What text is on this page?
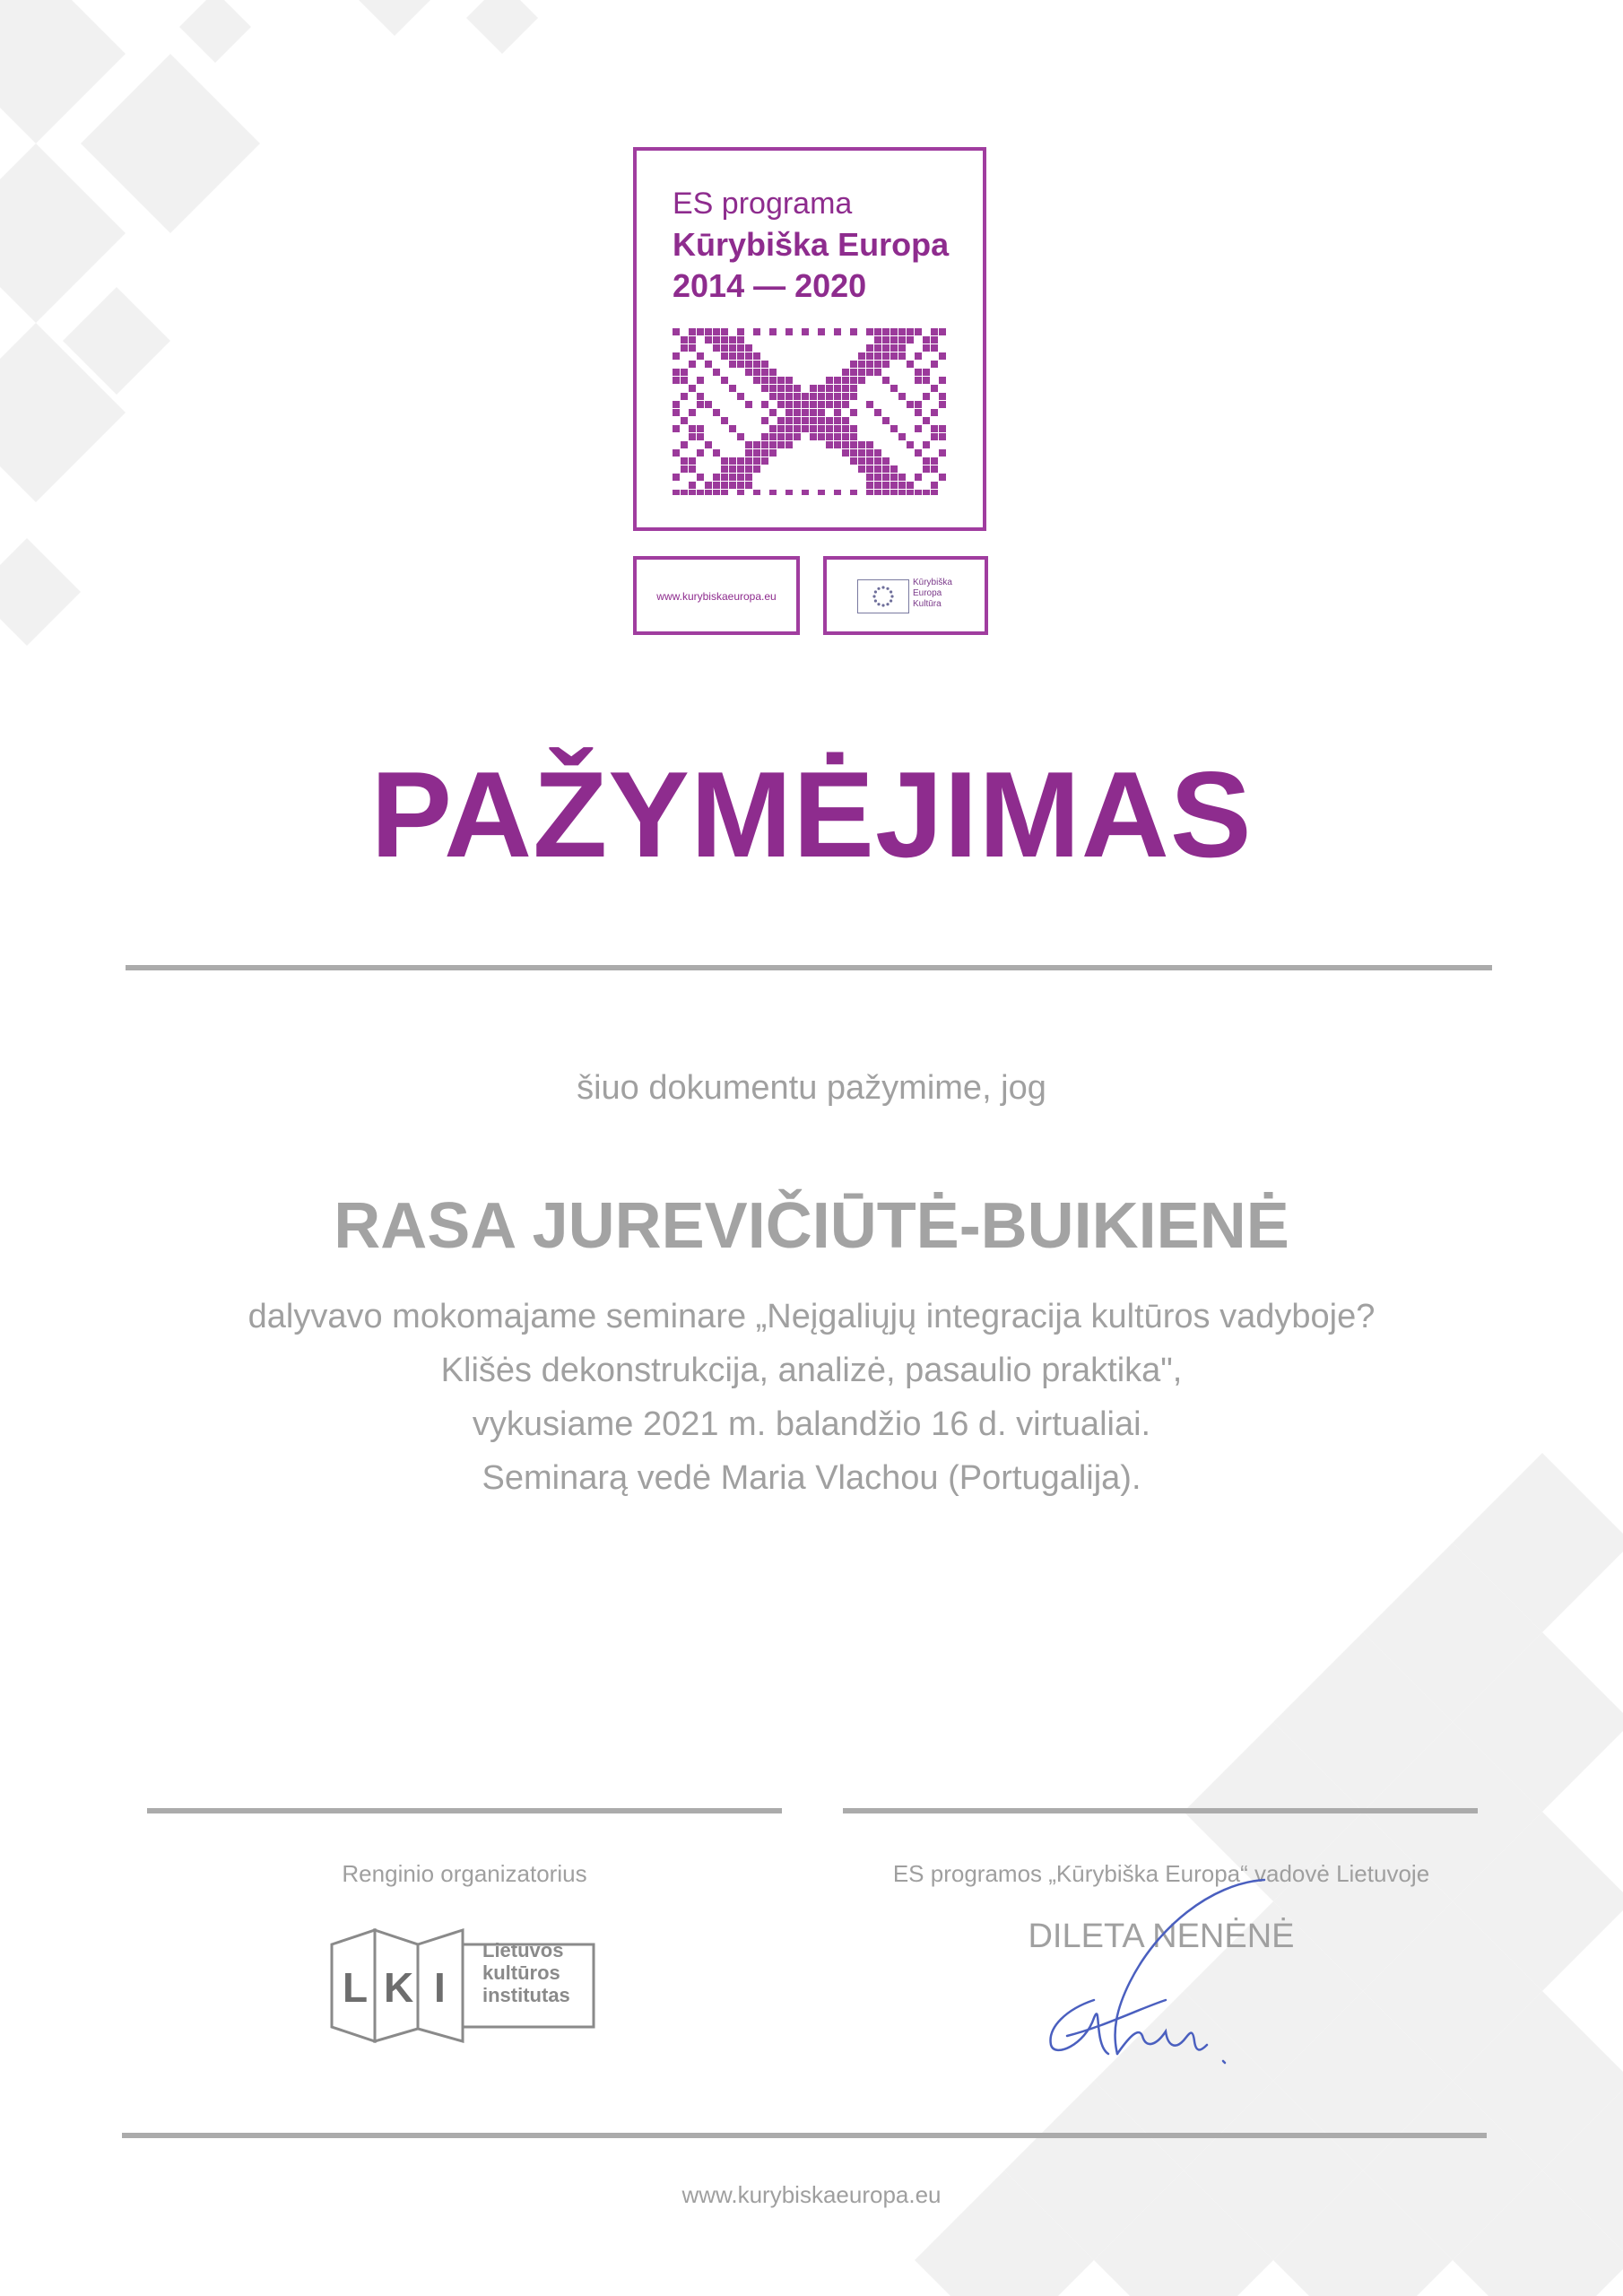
ES programa
Kūrybiška Europa
2014 — 2020
www.kurybiskaeuropa.eu
Kūrybiška
Europa
Kultūra
PAŽYMĖJIMAS
šiuo dokumentu pažymime, jog
RASA JUREVIČIŪTĖ-BUIKIENĖ
dalyvavo mokomajame seminare „Neįgaliųjų integracija kultūros vadyboje?
Klišės dekonstrukcija, analizė, pasaulio praktika",
vykusiame 2021 m. balandžio 16 d. virtualiai.
Seminarą vedė Maria Vlachou (Portugalija).
Renginio organizatorius	ES programos „Kūrybiška Europa“ vadovė Lietuvoje
L K I
Lietuvos
kultūros
institutas
DILETA NENĖNĖ
www.kurybiskaeuropa.eu
